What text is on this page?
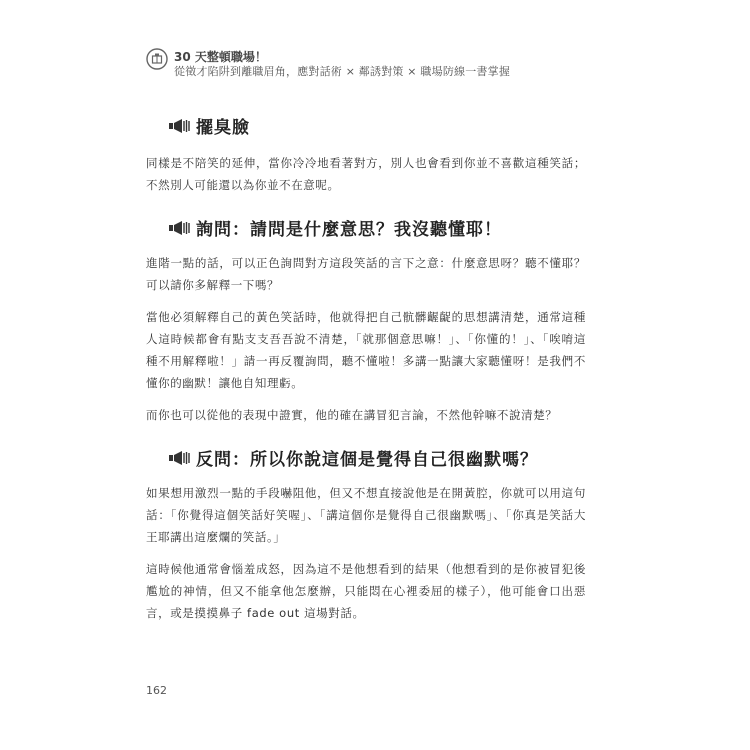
30 天整頓職場！
從徵才陷阱到離職眉角，應對話術 × 鄰誘對策 × 職場防線一書掌握
擺臭臉

同樣是不陪笑的延伸，當你冷冷地看著對方，別人也會看到你並不喜歡這種笑話；不然別人可能還以為你並不在意呢。

詢問：請問是什麼意思？我沒聽懂耶！

進階一點的話，可以正色詢問對方這段笑話的言下之意：什麼意思呀？聽不懂耶？可以請你多解釋一下嗎？

當他必須解釋自己的黃色笑話時，他就得把自己骯髒齷齪的思想講清楚，通常這種人這時候都會有點支支吾吾說不清楚，「就那個意思嘛！」、「你懂的！」、「唉唷這種不用解釋啦！」請一再反覆詢問，聽不懂啦！多講一點讓大家聽懂呀！是我們不懂你的幽默！讓他自知理虧。

而你也可以從他的表現中證實，他的確在講冒犯言論，不然他幹嘛不說清楚？

反問：所以你說這個是覺得自己很幽默嗎？

如果想用激烈一點的手段嚇阻他，但又不想直接說他是在開黃腔，你就可以用這句話：「你覺得這個笑話好笑喔」、「講這個你是覺得自己很幽默嗎」、「你真是笑話大王耶講出這麼爛的笑話。」

這時候他通常會惱羞成怒，因為這不是他想看到的結果（他想看到的是你被冒犯後尷尬的神情，但又不能拿他怎麼辦，只能悶在心裡委屈的樣子），他可能會口出惡言，或是摸摸鼻子 fade out 這場對話。

162
